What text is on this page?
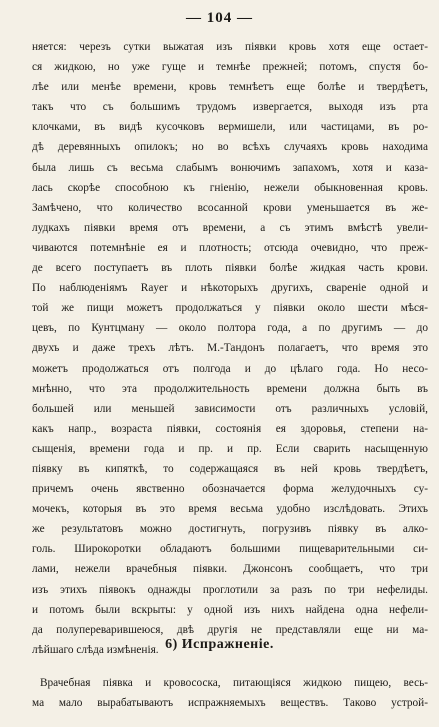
— 104 —
няется: черезъ сутки выжатая изъ піявки кровь хотя еще остает-
ся жидкою, но уже гуще и темнѣе прежней; потомъ, спустя бо-
лѣе или менѣе времени, кровь темнѣетъ еще болѣе и твердѣетъ,
такъ что съ большимъ трудомъ извергается, выходя изъ рта
клочками, въ видѣ кусочковъ вермишели, или частицами, въ ро-
дѣ деревянныхъ опилокъ; но во всѣхъ случаяхъ кровь находима
была лишь съ весьма слабымъ вонючимъ запахомъ, хотя и каза-
лась скорѣе способною къ гніенію, нежели обыкновенная кровь.
Замѣчено, что количество всосанной крови уменьшается въ же-
лудкахъ піявки время отъ времени, а съ этимъ вмѣстѣ увели-
чиваются потемнѣніе ея и плотность; отсюда очевидно, что преж-
де всего поступаетъ въ плоть піявки болѣе жидкая часть крови.
По наблюденіямъ Rayer и нѣкоторыхъ другихъ, свареніе одной и
той же пищи можетъ продолжаться у піявки около шести мѣся-
цевъ, по Кунтцману — около полтора года, а по другимъ — до
двухъ и даже трехъ лѣтъ. М.-Тандонъ полагаетъ, что время это
можетъ продолжаться отъ полгода и до цѣлаго года. Но несо-
мнѣнно, что эта продолжительность времени должна быть въ
большей или меньшей зависимости отъ различныхъ условій,
какъ напр., возраста піявки, состоянія ея здоровья, степени на-
сыщенія, времени года и пр. и пр. Если сварить насыщенную
піявку въ кипяткѣ, то содержащаяся въ ней кровь твердѣетъ,
причемъ очень явственно обозначается форма желудочныхъ су-
мочекъ, которыя въ это время весьма удобно изслѣдовать. Этихъ
же результатовъ можно достигнуть, погрузивъ піявку въ алко-
голь. Широкоротки обладаютъ большими пищеварительными си-
лами, нежели врачебныя піявки. Джонсонъ сообщаетъ, что три
изъ этихъ піявокъ однажды проглотили за разъ по три нефелиды.
и потомъ были вскрыты: у одной изъ нихъ найдена одна нефели-
да полупереварившеюся, двѣ другія не представляли еще ни ма-
лѣйшаго слѣда измѣненія. 6) Испражненіе.
Врачебная піявка и кровососка, питающіяся жидкою пищею, весь-
ма мало вырабатываютъ испражняемыхъ веществъ. Таково устрой-
